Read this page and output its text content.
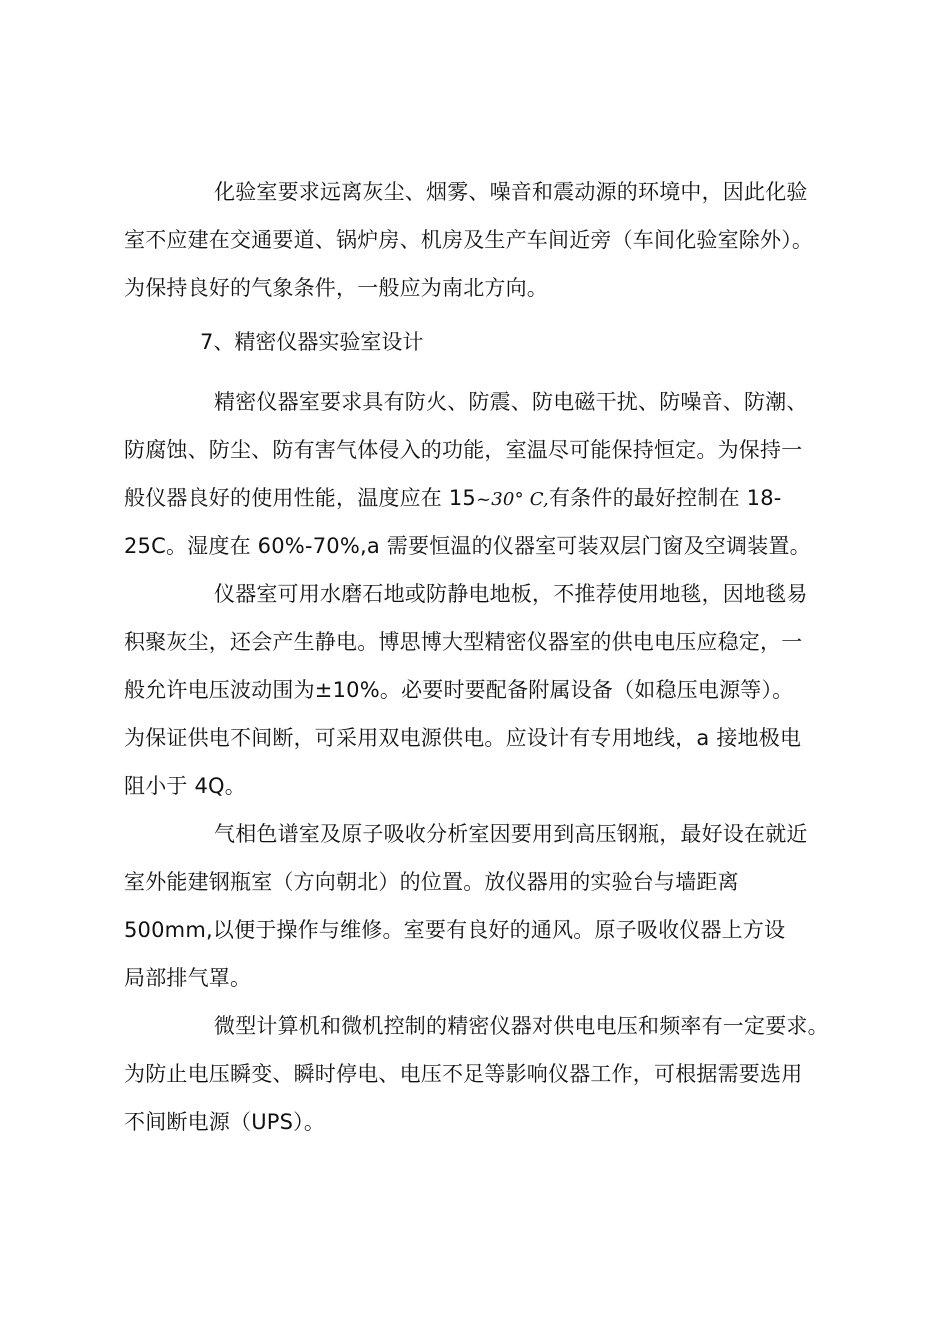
化验室要求远离灰尘、烟雾、噪音和震动源的环境中，因此化验
室不应建在交通要道、锅炉房、机房及生产车间近旁（车间化验室除外）。
为保持良好的气象条件，一般应为南北方向。
7、精密仪器实验室设计
精密仪器室要求具有防火、防震、防电磁干扰、防噪音、防潮、
防腐蚀、防尘、防有害气体侵入的功能，室温尽可能保持恒定。为保持一
般仪器良好的使用性能，温度应在 15~30° C,有条件的最好控制在 18-
25C。湿度在 60%-70%,a 需要恒温的仪器室可装双层门窗及空调装置。
仪器室可用水磨石地或防静电地板，不推荐使用地毯，因地毯易
积聚灰尘，还会产生静电。博思博大型精密仪器室的供电电压应稳定，一
般允许电压波动围为±10%。必要时要配备附属设备（如稳压电源等）。
为保证供电不间断，可采用双电源供电。应设计有专用地线，a 接地极电
阻小于 4Q。
气相色谱室及原子吸收分析室因要用到高压钢瓶，最好设在就近
室外能建钢瓶室（方向朝北）的位置。放仪器用的实验台与墙距离
500mm,以便于操作与维修。室要有良好的通风。原子吸收仪器上方设
局部排气罩。
微型计算机和微机控制的精密仪器对供电电压和频率有一定要求。
为防止电压瞬变、瞬时停电、电压不足等影响仪器工作，可根据需要选用
不间断电源（UPS）。
